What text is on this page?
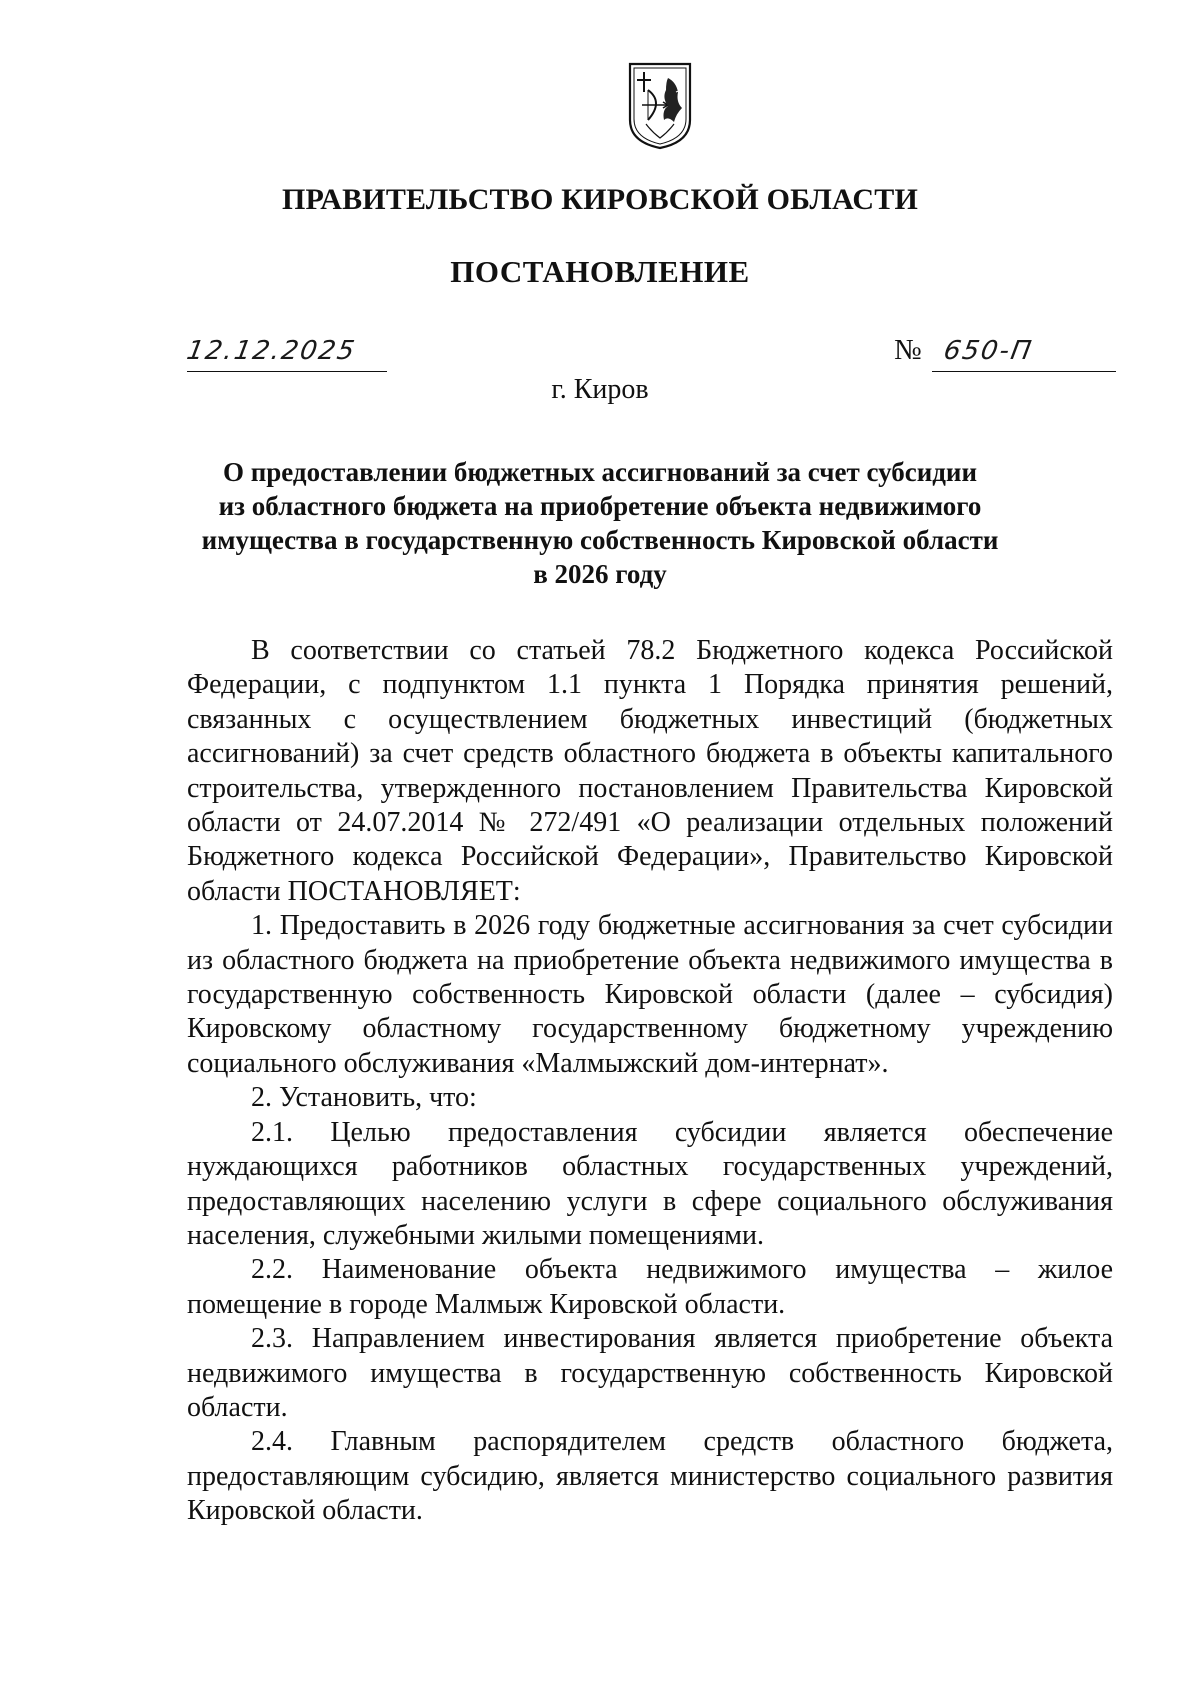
ПРАВИТЕЛЬСТВО КИРОВСКОЙ ОБЛАСТИ
ПОСТАНОВЛЕНИЕ
12.12.2025	№ 650-П
г. Киров
О предоставлении бюджетных ассигнований за счет субсидии
из областного бюджета на приобретение объекта недвижимого
имущества в государственную собственность Кировской области
в 2026 году

В соответствии со статьей 78.2 Бюджетного кодекса Российской Федерации, с подпунктом 1.1 пункта 1 Порядка принятия решений, связанных с осуществлением бюджетных инвестиций (бюджетных ассигнований) за счет средств областного бюджета в объекты капитального строительства, утвержденного постановлением Правительства Кировской области от 24.07.2014 № 272/491 «О реализации отдельных положений Бюджетного кодекса Российской Федерации», Правительство Кировской области ПОСТАНОВЛЯЕТ:

1. Предоставить в 2026 году бюджетные ассигнования за счет субсидии из областного бюджета на приобретение объекта недвижимого имущества в государственную собственность Кировской области (далее – субсидия) Кировскому областному государственному бюджетному учреждению социального обслуживания «Малмыжский дом-интернат».

2. Установить, что:

2.1. Целью предоставления субсидии является обеспечение нуждающихся работников областных государственных учреждений, предоставляющих населению услуги в сфере социального обслуживания населения, служебными жилыми помещениями.

2.2. Наименование объекта недвижимого имущества – жилое помещение в городе Малмыж Кировской области.

2.3. Направлением инвестирования является приобретение объекта недвижимого имущества в государственную собственность Кировской области.

2.4. Главным распорядителем средств областного бюджета, предоставляющим субсидию, является министерство социального развития Кировской области.
